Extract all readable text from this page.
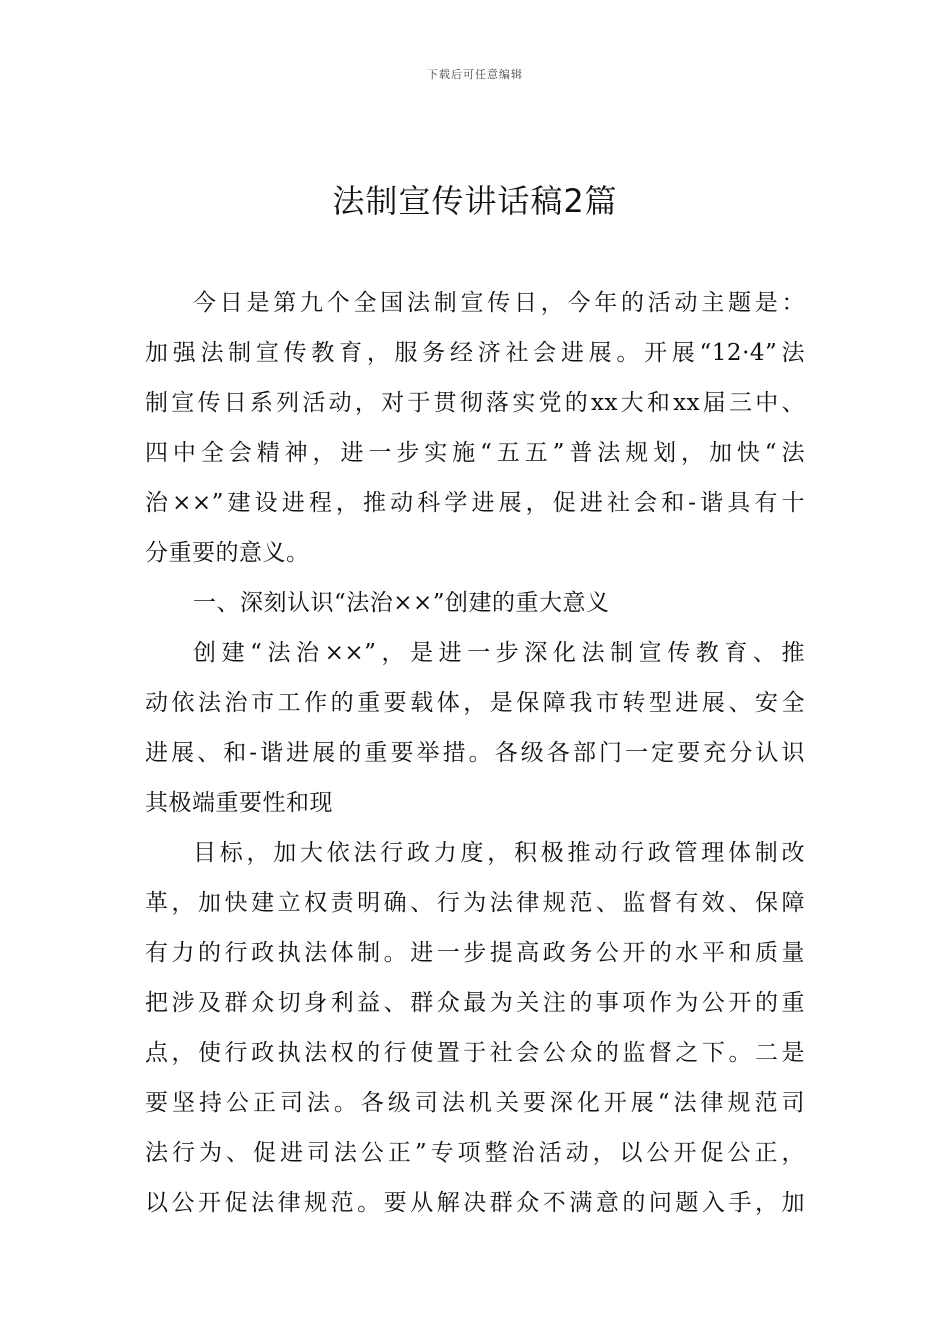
下载后可任意编辑
法制宣传讲话稿2篇
今日是第九个全国法制宣传日，今年的活动主题是：
加强法制宣传教育，服务经济社会进展。开展“12·4”法
制宣传日系列活动，对于贯彻落实党的xx大和xx届三中、
四中全会精神，进一步实施“五五”普法规划，加快“法
治××”建设进程，推动科学进展，促进社会和-谐具有十
分重要的意义。
一、深刻认识“法治××”创建的重大意义
创建“法治××”，是进一步深化法制宣传教育、推
动依法治市工作的重要载体，是保障我市转型进展、安全
进展、和-谐进展的重要举措。各级各部门一定要充分认识
其极端重要性和现
目标，加大依法行政力度，积极推动行政管理体制改
革，加快建立权责明确、行为法律规范、监督有效、保障
有力的行政执法体制。进一步提高政务公开的水平和质量
把涉及群众切身利益、群众最为关注的事项作为公开的重
点，使行政执法权的行使置于社会公众的监督之下。二是
要坚持公正司法。各级司法机关要深化开展“法律规范司
法行为、促进司法公正”专项整治活动，以公开促公正，
以公开促法律规范。要从解决群众不满意的问题入手，加
